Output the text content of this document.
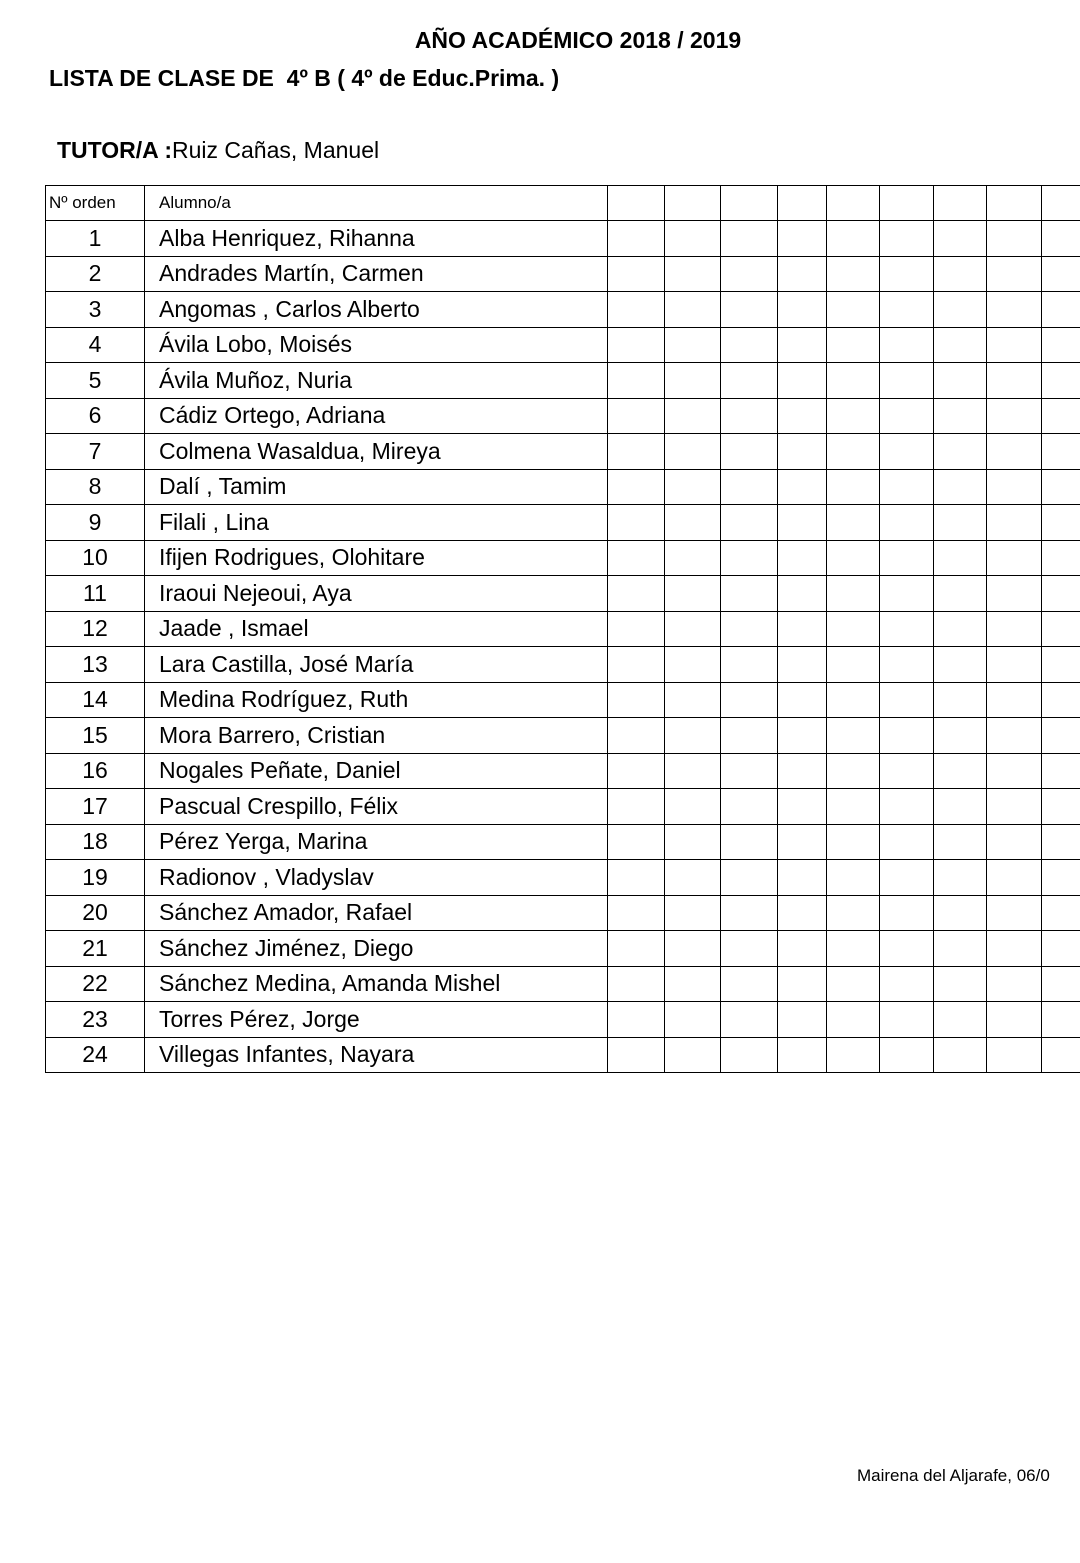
AÑO ACADÉMICO 2018 / 2019
LISTA DE CLASE DE  4º B ( 4º de Educ.Prima. )
TUTOR/A :Ruiz Cañas, Manuel
Nº orden	Alumno/a									
1	Alba Henriquez, Rihanna									
2	Andrades Martín, Carmen									
3	Angomas , Carlos Alberto									
4	Ávila Lobo, Moisés									
5	Ávila Muñoz, Nuria									
6	Cádiz Ortego, Adriana									
7	Colmena Wasaldua, Mireya									
8	Dalí , Tamim									
9	Filali , Lina									
10	Ifijen Rodrigues, Olohitare									
11	Iraoui Nejeoui, Aya									
12	Jaade , Ismael									
13	Lara Castilla, José María									
14	Medina Rodríguez, Ruth									
15	Mora Barrero, Cristian									
16	Nogales Peñate, Daniel									
17	Pascual Crespillo, Félix									
18	Pérez Yerga, Marina									
19	Radionov , Vladyslav									
20	Sánchez Amador, Rafael									
21	Sánchez Jiménez, Diego									
22	Sánchez Medina, Amanda Mishel									
23	Torres Pérez, Jorge									
24	Villegas Infantes, Nayara									
Mairena del Aljarafe, 06/0
